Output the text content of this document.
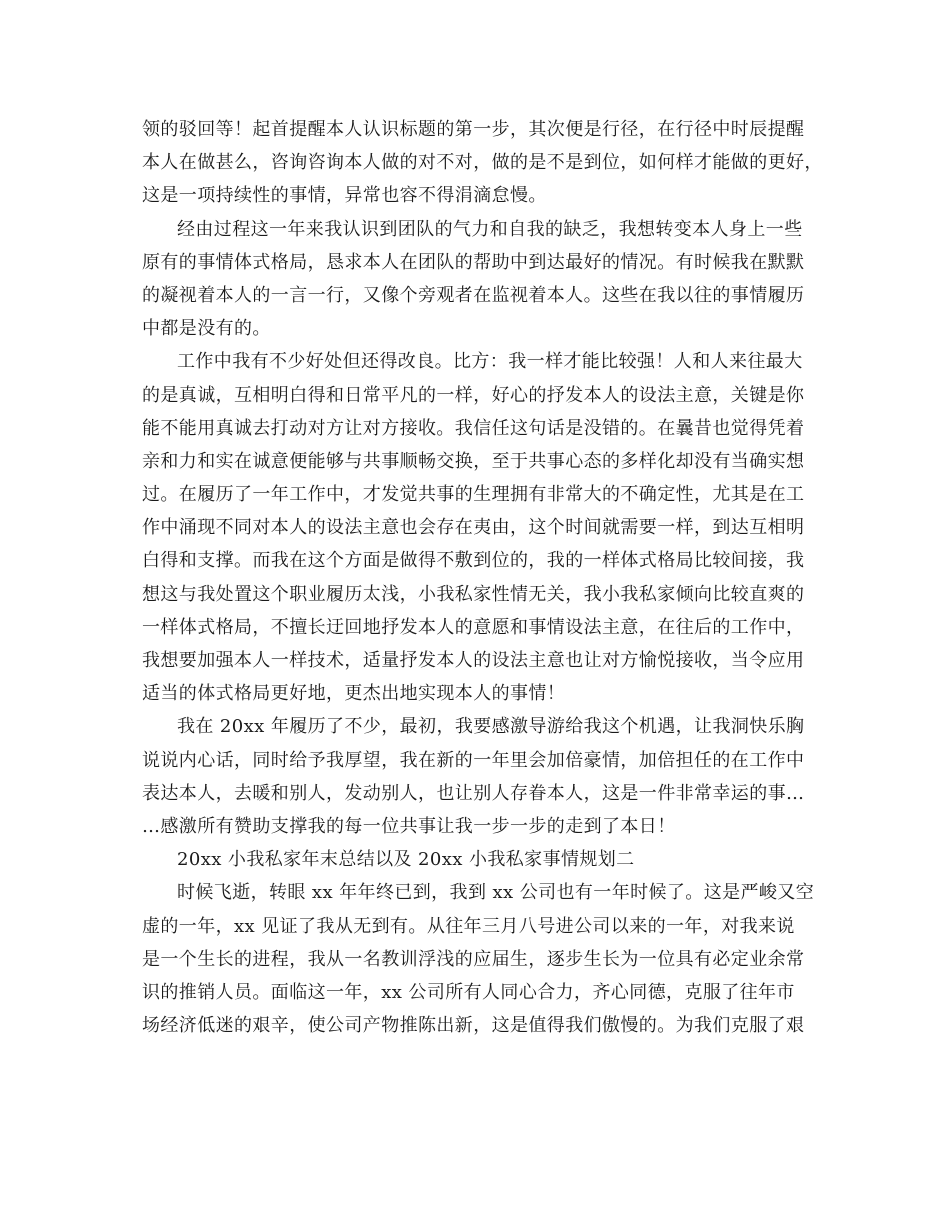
领的驳回等！起首提醒本人认识标题的第一步，其次便是行径，在行径中时辰提醒
本人在做甚么，咨询咨询本人做的对不对，做的是不是到位，如何样才能做的更好，
这是一项持续性的事情，异常也容不得涓滴怠慢。
经由过程这一年来我认识到团队的气力和自我的缺乏，我想转变本人身上一些
原有的事情体式格局，恳求本人在团队的帮助中到达最好的情况。有时候我在默默
的凝视着本人的一言一行，又像个旁观者在监视着本人。这些在我以往的事情履历
中都是没有的。
工作中我有不少好处但还得改良。比方：我一样才能比较强！人和人来往最大
的是真诚，互相明白得和日常平凡的一样，好心的抒发本人的设法主意，关键是你
能不能用真诚去打动对方让对方接收。我信任这句话是没错的。在曩昔也觉得凭着
亲和力和实在诚意便能够与共事顺畅交换，至于共事心态的多样化却没有当确实想
过。在履历了一年工作中，才发觉共事的生理拥有非常大的不确定性，尤其是在工
作中涌现不同对本人的设法主意也会存在夷由，这个时间就需要一样，到达互相明
白得和支撑。而我在这个方面是做得不敷到位的，我的一样体式格局比较间接，我
想这与我处置这个职业履历太浅，小我私家性情无关，我小我私家倾向比较直爽的
一样体式格局，不擅长迂回地抒发本人的意愿和事情设法主意，在往后的工作中，
我想要加强本人一样技术，适量抒发本人的设法主意也让对方愉悦接收，当令应用
适当的体式格局更好地，更杰出地实现本人的事情！
我在 20xx 年履历了不少，最初，我要感激导游给我这个机遇，让我洞快乐胸
说说内心话，同时给予我厚望，我在新的一年里会加倍豪情，加倍担任的在工作中
表达本人，去暖和别人，发动别人，也让别人存眷本人，这是一件非常幸运的事…
…感激所有赞助支撑我的每一位共事让我一步一步的走到了本日！
20xx 小我私家年末总结以及 20xx 小我私家事情规划二
时候飞逝，转眼 xx 年年终已到，我到 xx 公司也有一年时候了。这是严峻又空
虚的一年，xx 见证了我从无到有。从往年三月八号进公司以来的一年，对我来说
是一个生长的进程，我从一名教训浮浅的应届生，逐步生长为一位具有必定业余常
识的推销人员。面临这一年，xx 公司所有人同心合力，齐心同德，克服了往年市
场经济低迷的艰辛，使公司产物推陈出新，这是值得我们傲慢的。为我们克服了艰
